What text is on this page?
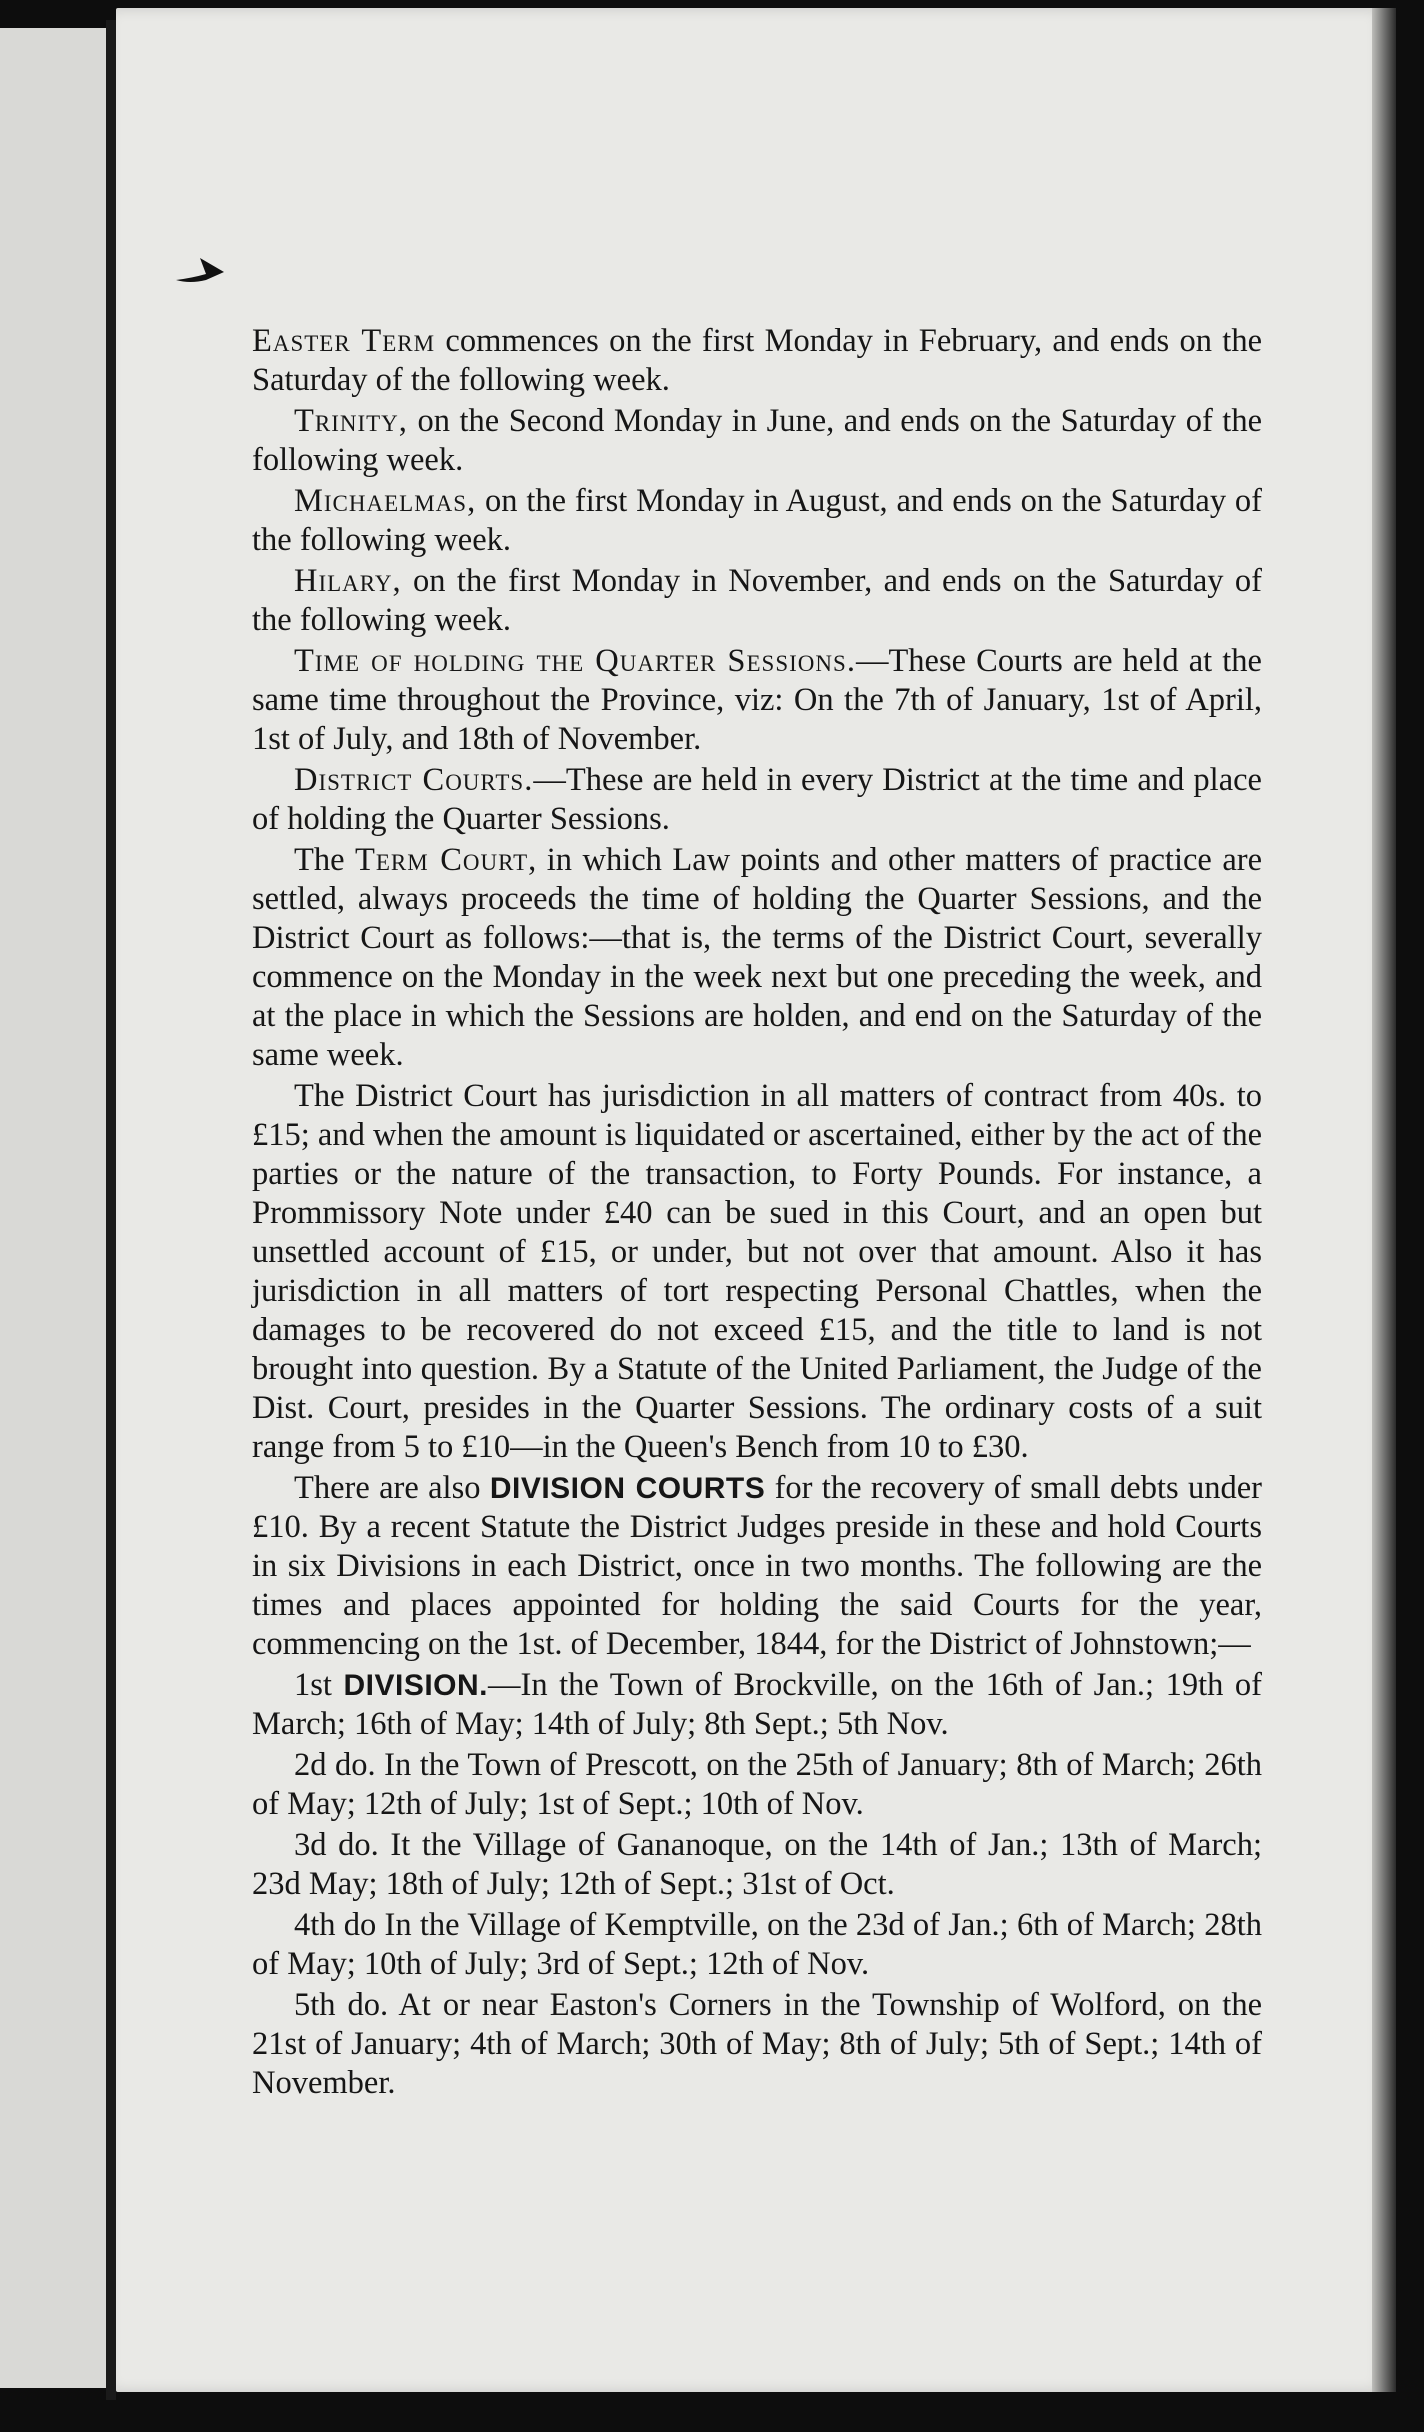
Easter Term commences on the first Monday in February, and ends on the Saturday of the following week.

Trinity, on the Second Monday in June, and ends on the Saturday of the following week.

Michaelmas, on the first Monday in August, and ends on the Saturday of the following week.

Hilary, on the first Monday in November, and ends on the Saturday of the following week.

Time of holding the Quarter Sessions.—These Courts are held at the same time throughout the Province, viz: On the 7th of January, 1st of April, 1st of July, and 18th of November.

District Courts.—These are held in every District at the time and place of holding the Quarter Sessions.

The Term Court, in which Law points and other matters of practice are settled, always proceeds the time of holding the Quarter Sessions, and the District Court as follows:—that is, the terms of the District Court, severally commence on the Monday in the week next but one preceding the week, and at the place in which the Sessions are holden, and end on the Saturday of the same week.

The District Court has jurisdiction in all matters of contract from 40s. to £15; and when the amount is liquidated or ascertained, either by the act of the parties or the nature of the transaction, to Forty Pounds. For instance, a Prommissory Note under £40 can be sued in this Court, and an open but unsettled account of £15, or under, but not over that amount. Also it has jurisdiction in all matters of tort respecting Personal Chattles, when the damages to be recovered do not exceed £15, and the title to land is not brought into question. By a Statute of the United Parliament, the Judge of the Dist. Court, presides in the Quarter Sessions. The ordinary costs of a suit range from 5 to £10—in the Queen's Bench from 10 to £30.

There are also DIVISION COURTS for the recovery of small debts under £10. By a recent Statute the District Judges preside in these and hold Courts in six Divisions in each District, once in two months. The following are the times and places appointed for holding the said Courts for the year, commencing on the 1st. of December, 1844, for the District of Johnstown;—

1st DIVISION.—In the Town of Brockville, on the 16th of Jan.; 19th of March; 16th of May; 14th of July; 8th Sept.; 5th Nov.

2d do. In the Town of Prescott, on the 25th of January; 8th of March; 26th of May; 12th of July; 1st of Sept.; 10th of Nov.

3d do. It the Village of Gananoque, on the 14th of Jan.; 13th of March; 23d May; 18th of July; 12th of Sept.; 31st of Oct.

4th do In the Village of Kemptville, on the 23d of Jan.; 6th of March; 28th of May; 10th of July; 3rd of Sept.; 12th of Nov.

5th do. At or near Easton's Corners in the Township of Wolford, on the 21st of January; 4th of March; 30th of May; 8th of July; 5th of Sept.; 14th of November.
